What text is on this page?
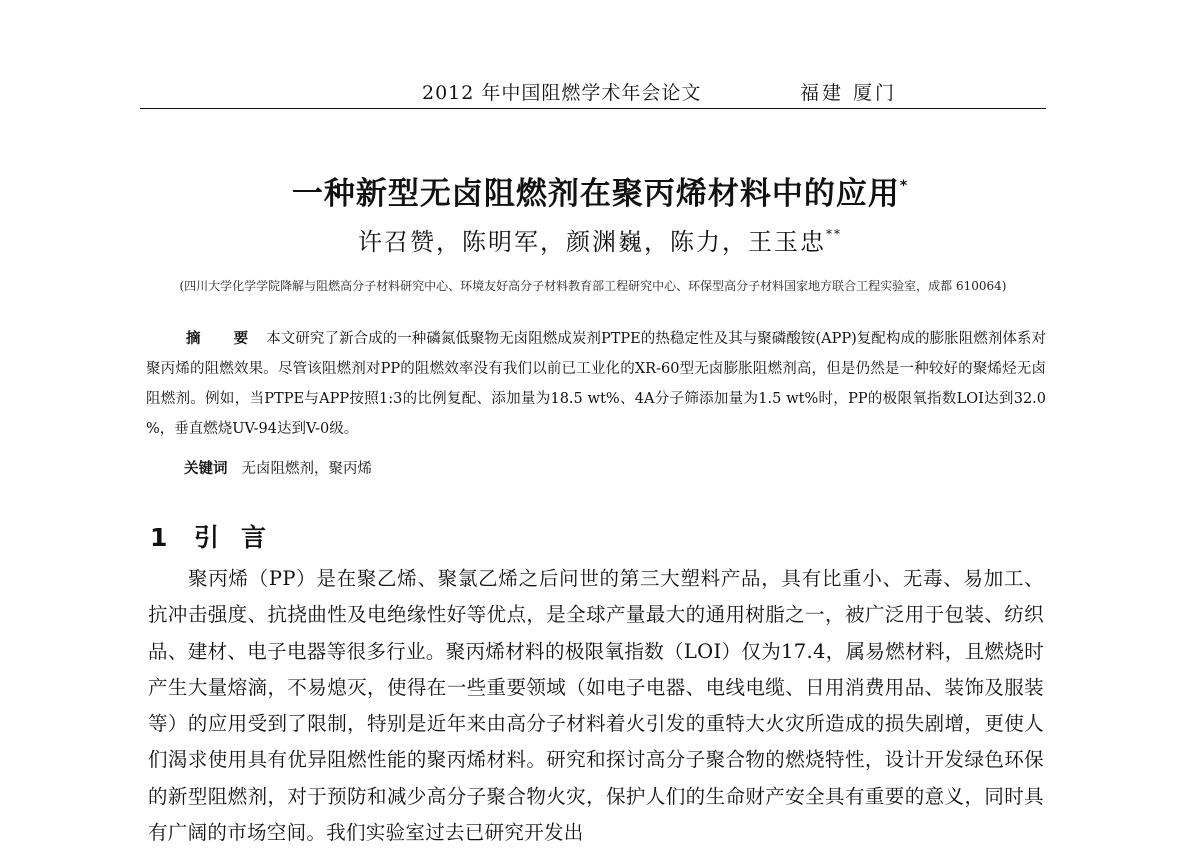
2012 年中国阻燃学术年会论文	福建 厦门
一种新型无卤阻燃剂在聚丙烯材料中的应用*
许召赞，陈明军，颜渊巍，陈力，王玉忠**
(四川大学化学学院降解与阻燃高分子材料研究中心、环境友好高分子材料教育部工程研究中心、环保型高分子材料国家地方联合工程实验室，成都 610064)
摘 要 本文研究了新合成的一种磷氮低聚物无卤阻燃成炭剂PTPE的热稳定性及其与聚磷酸铵(APP)复配构成的膨胀阻燃剂体系对聚丙烯的阻燃效果。尽管该阻燃剂对PP的阻燃效率没有我们以前已工业化的XR-60型无卤膨胀阻燃剂高，但是仍然是一种较好的聚烯烃无卤阻燃剂。例如，当PTPE与APP按照1:3的比例复配、添加量为18.5 wt%、4A分子筛添加量为1.5 wt%时，PP的极限氧指数LOI达到32.0 %，垂直燃烧UV-94达到V-0级。
关键词 无卤阻燃剂，聚丙烯
1 引言
聚丙烯（PP）是在聚乙烯、聚氯乙烯之后问世的第三大塑料产品，具有比重小、无毒、易加工、抗冲击强度、抗挠曲性及电绝缘性好等优点，是全球产量最大的通用树脂之一，被广泛用于包装、纺织品、建材、电子电器等很多行业。聚丙烯材料的极限氧指数（LOI）仅为17.4，属易燃材料，且燃烧时产生大量熔滴，不易熄灭，使得在一些重要领域（如电子电器、电线电缆、日用消费用品、装饰及服装等）的应用受到了限制，特别是近年来由高分子材料着火引发的重特大火灾所造成的损失剧增，更使人们渴求使用具有优异阻燃性能的聚丙烯材料。研究和探讨高分子聚合物的燃烧特性，设计开发绿色环保的新型阻燃剂，对于预防和减少高分子聚合物火灾，保护人们的生命财产安全具有重要的意义，同时具有广阔的市场空间。我们实验室过去已研究开发出
